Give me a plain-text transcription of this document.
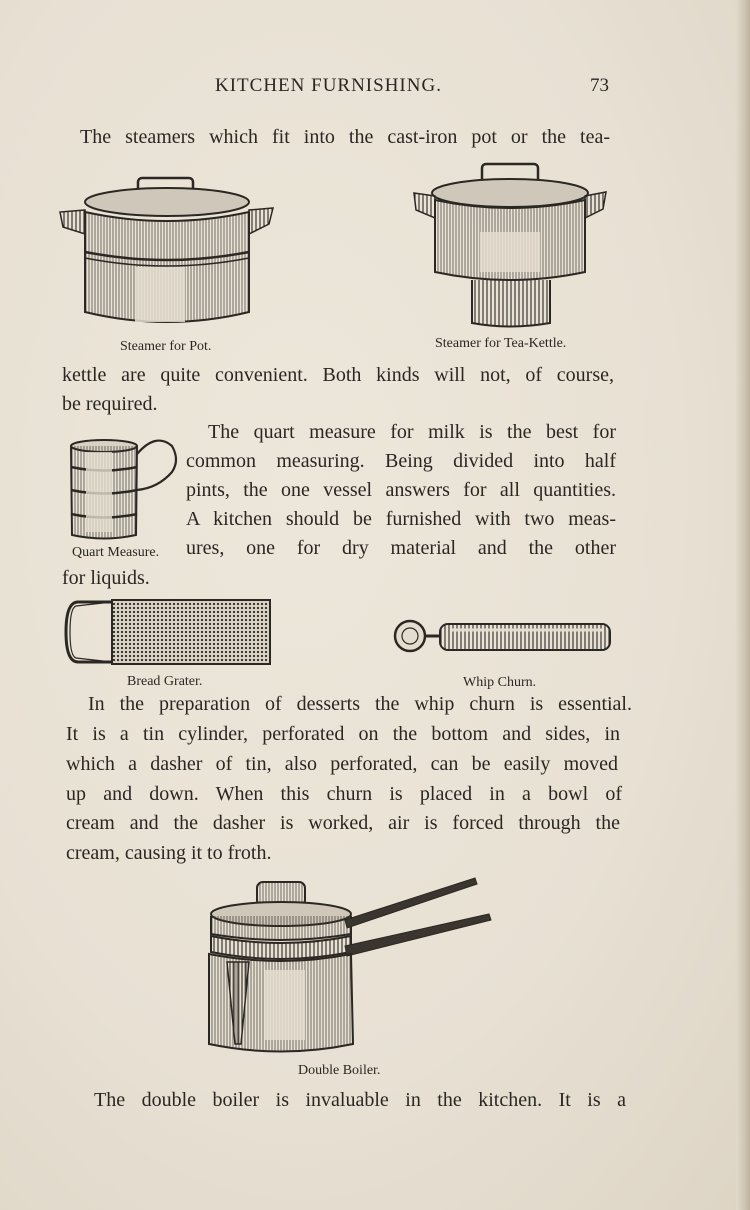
KITCHEN FURNISHING.	73
The steamers which fit into the cast-iron pot or the tea-
Steamer for Pot.	Steamer for Tea-Kettle.
kettle are quite convenient. Both kinds will not, of course,
be required.
The quart measure for milk is the best for
common measuring. Being divided into half
pints, the one vessel answers for all quantities.
A kitchen should be furnished with two meas-
Quart Measure. ures, one for dry material and the other
for liquids.
Bread Grater.	Whip Churn.
In the preparation of desserts the whip churn is essential.
It is a tin cylinder, perforated on the bottom and sides, in
which a dasher of tin, also perforated, can be easily moved
up and down. When this churn is placed in a bowl of
cream and the dasher is worked, air is forced through the
cream, causing it to froth.
Double Boiler.
The double boiler is invaluable in the kitchen. It is a
